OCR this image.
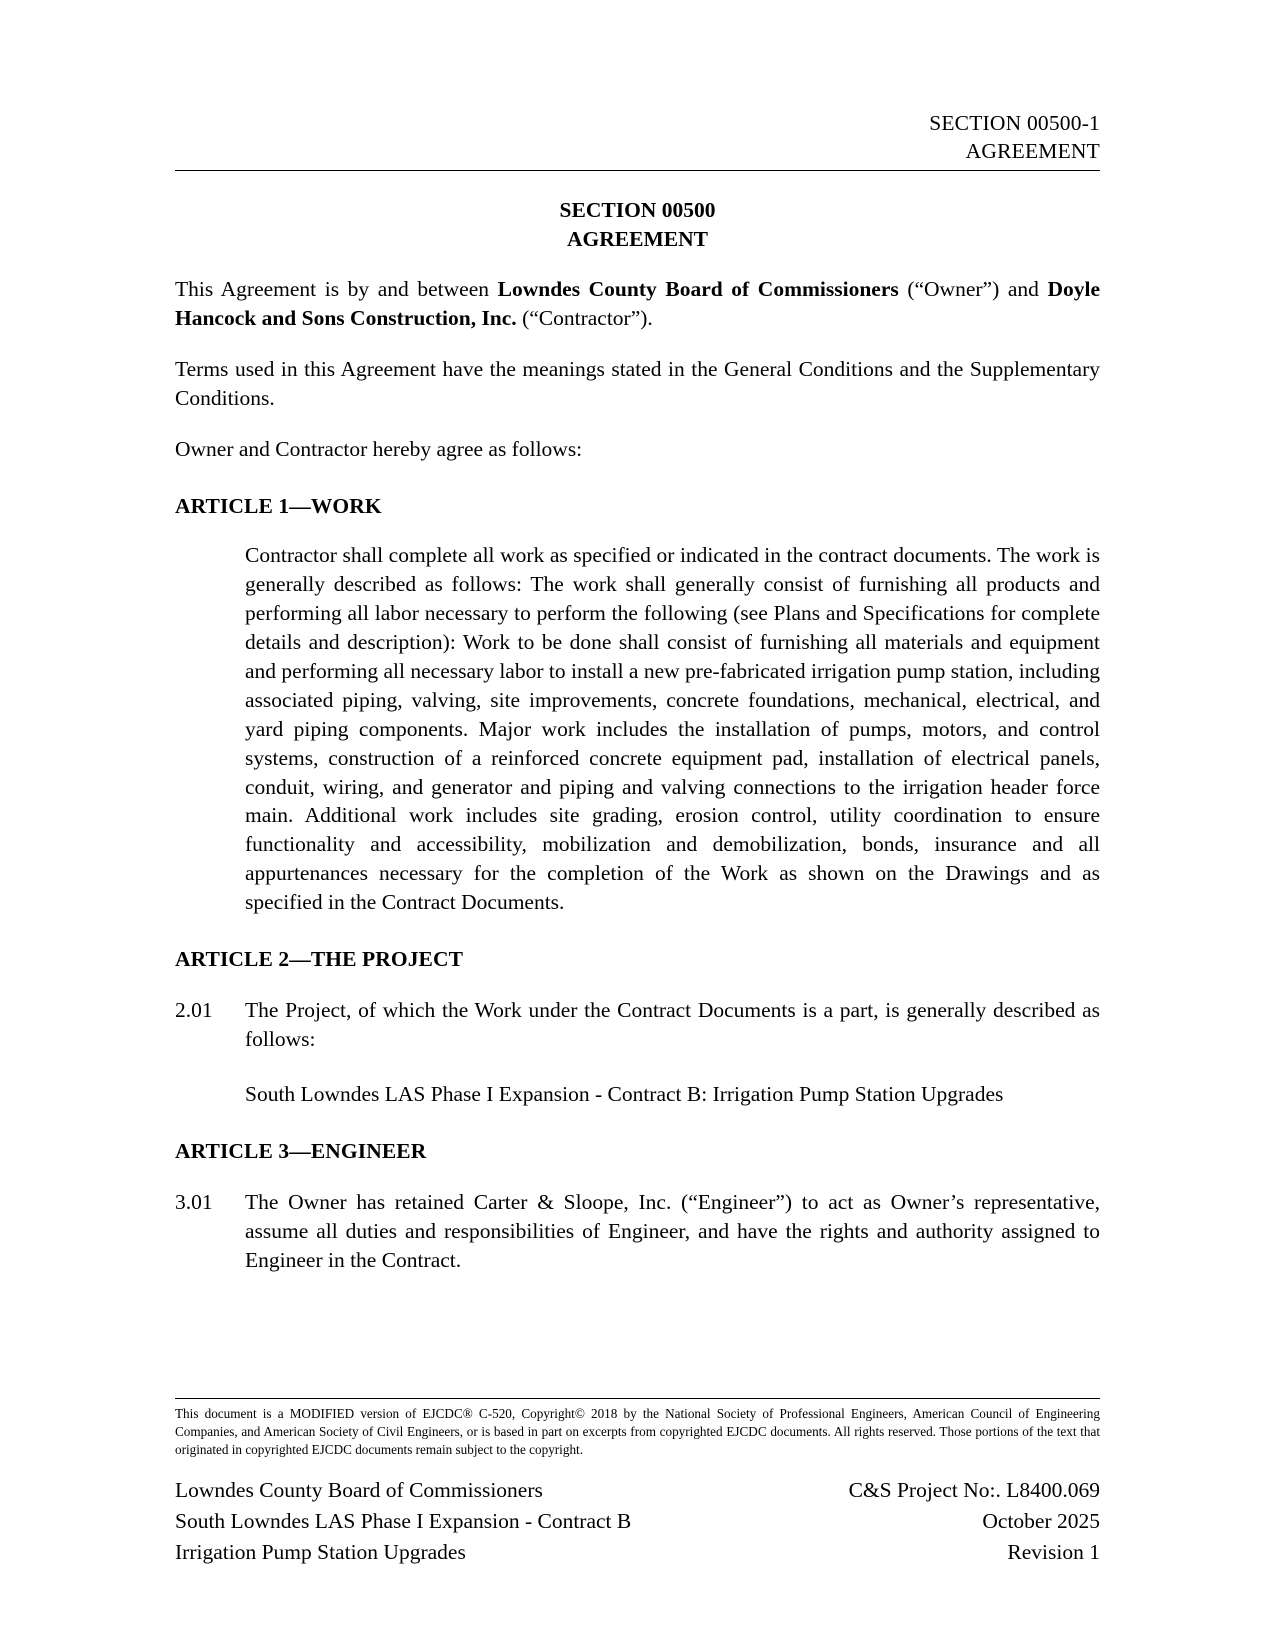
SECTION 00500-1
AGREEMENT
SECTION 00500
AGREEMENT

This Agreement is by and between Lowndes County Board of Commissioners (“Owner”) and Doyle Hancock and Sons Construction, Inc. (“Contractor”).

Terms used in this Agreement have the meanings stated in the General Conditions and the Supplementary Conditions.

Owner and Contractor hereby agree as follows:

ARTICLE 1—WORK

Contractor shall complete all work as specified or indicated in the contract documents. The work is generally described as follows: The work shall generally consist of furnishing all products and performing all labor necessary to perform the following (see Plans and Specifications for complete details and description): Work to be done shall consist of furnishing all materials and equipment and performing all necessary labor to install a new pre-fabricated irrigation pump station, including associated piping, valving, site improvements, concrete foundations, mechanical, electrical, and yard piping components. Major work includes the installation of pumps, motors, and control systems, construction of a reinforced concrete equipment pad, installation of electrical panels, conduit, wiring, and generator and piping and valving connections to the irrigation header force main. Additional work includes site grading, erosion control, utility coordination to ensure functionality and accessibility, mobilization and demobilization, bonds, insurance and all appurtenances necessary for the completion of the Work as shown on the Drawings and as specified in the Contract Documents.

ARTICLE 2—THE PROJECT
2.01	The Project, of which the Work under the Contract Documents is a part, is generally described as follows:
South Lowndes LAS Phase I Expansion - Contract B: Irrigation Pump Station Upgrades
ARTICLE 3—ENGINEER
3.01	The Owner has retained Carter & Sloope, Inc. (“Engineer”) to act as Owner’s representative, assume all duties and responsibilities of Engineer, and have the rights and authority assigned to Engineer in the Contract.
This document is a MODIFIED version of EJCDC® C-520, Copyright© 2018 by the National Society of Professional Engineers, American Council of Engineering Companies, and American Society of Civil Engineers, or is based in part on excerpts from copyrighted EJCDC documents. All rights reserved. Those portions of the text that originated in copyrighted EJCDC documents remain subject to the copyright.
Lowndes County Board of Commissioners
South Lowndes LAS Phase I Expansion - Contract B
Irrigation Pump Station Upgrades
C&S Project No:. L8400.069
October 2025
Revision 1
